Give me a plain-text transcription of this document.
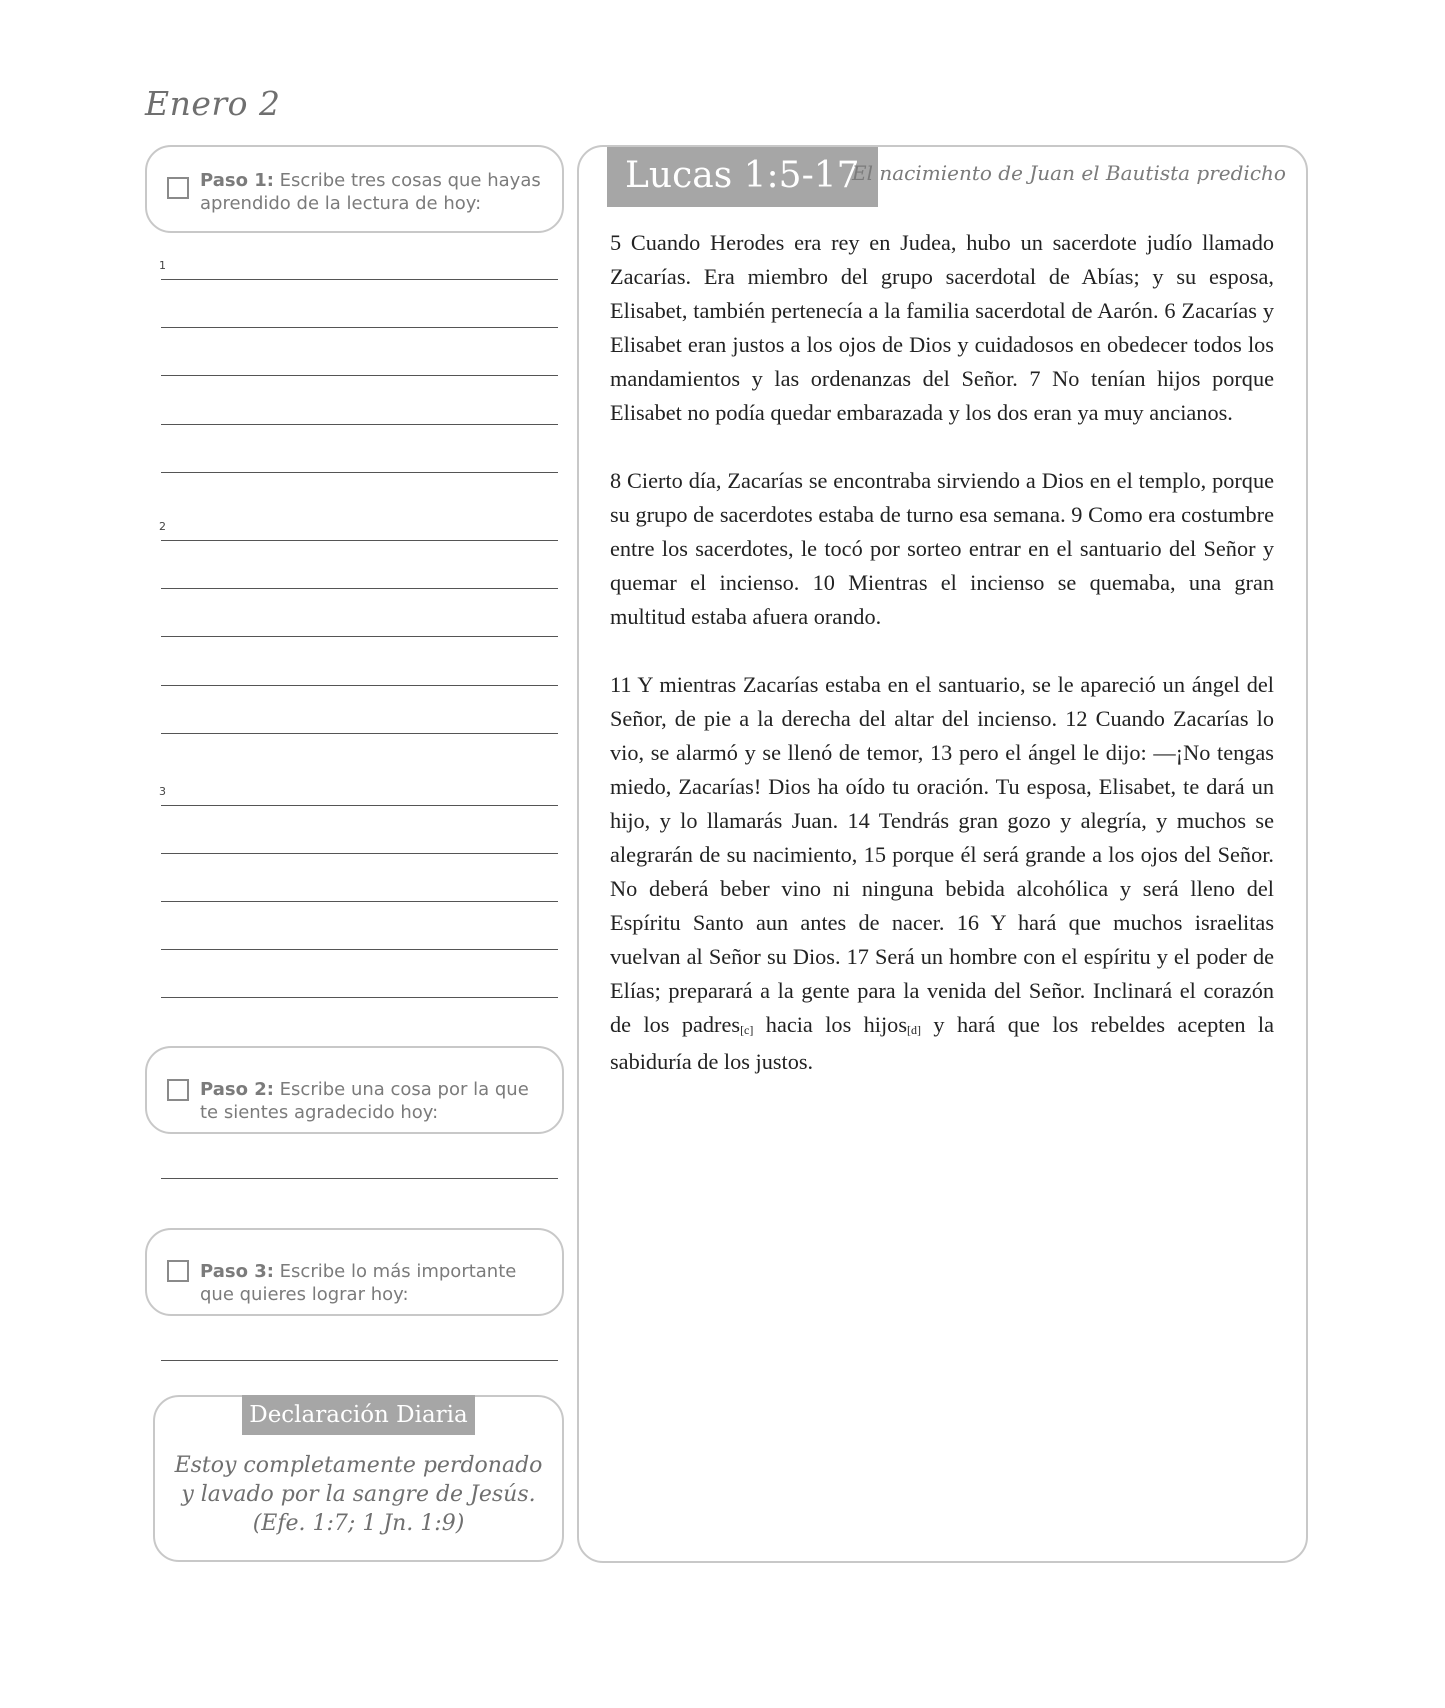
Enero 2
Paso 1: Escribe tres cosas que hayas aprendido de la lectura de hoy:
1
2
3
Paso 2: Escribe una cosa por la que te sientes agradecido hoy:
Paso 3: Escribe lo más importante que quieres lograr hoy:
Declaración Diaria
Estoy completamente perdonado
y lavado por la sangre de Jesús.
(Efe. 1:7; 1 Jn. 1:9)
Lucas 1:5-17
El nacimiento de Juan el Bautista predicho

5 Cuando Herodes era rey en Judea, hubo un sacerdote judío llamado Zacarías. Era miembro del grupo sacerdotal de Abías; y su esposa, Elisabet, también pertenecía a la familia sacerdotal de Aarón. 6 Zacarías y Elisabet eran justos a los ojos de Dios y cuidadosos en obedecer todos los mandamientos y las ordenanzas del Señor. 7 No tenían hijos porque Elisabet no podía quedar embarazada y los dos eran ya muy ancianos.

8 Cierto día, Zacarías se encontraba sirviendo a Dios en el templo, porque su grupo de sacerdotes estaba de turno esa semana. 9 Como era costumbre entre los sacerdotes, le tocó por sorteo entrar en el santuario del Señor y quemar el incienso. 10 Mientras el incienso se quemaba, una gran multitud estaba afuera orando.

11 Y mientras Zacarías estaba en el santuario, se le apareció un ángel del Señor, de pie a la derecha del altar del incienso. 12 Cuando Zacarías lo vio, se alarmó y se llenó de temor, 13 pero el ángel le dijo: —¡No tengas miedo, Zacarías! Dios ha oído tu oración. Tu esposa, Elisabet, te dará un hijo, y lo llamarás Juan. 14 Tendrás gran gozo y alegría, y muchos se alegrarán de su nacimiento, 15 porque él será grande a los ojos del Señor. No deberá beber vino ni ninguna bebida alcohólica y será lleno del Espíritu Santo aun antes de nacer. 16 Y hará que muchos israelitas vuelvan al Señor su Dios. 17 Será un hombre con el espíritu y el poder de Elías; preparará a la gente para la venida del Señor. Inclinará el corazón de los padres[c] hacia los hijos[d] y hará que los rebeldes acepten la sabiduría de los justos.
